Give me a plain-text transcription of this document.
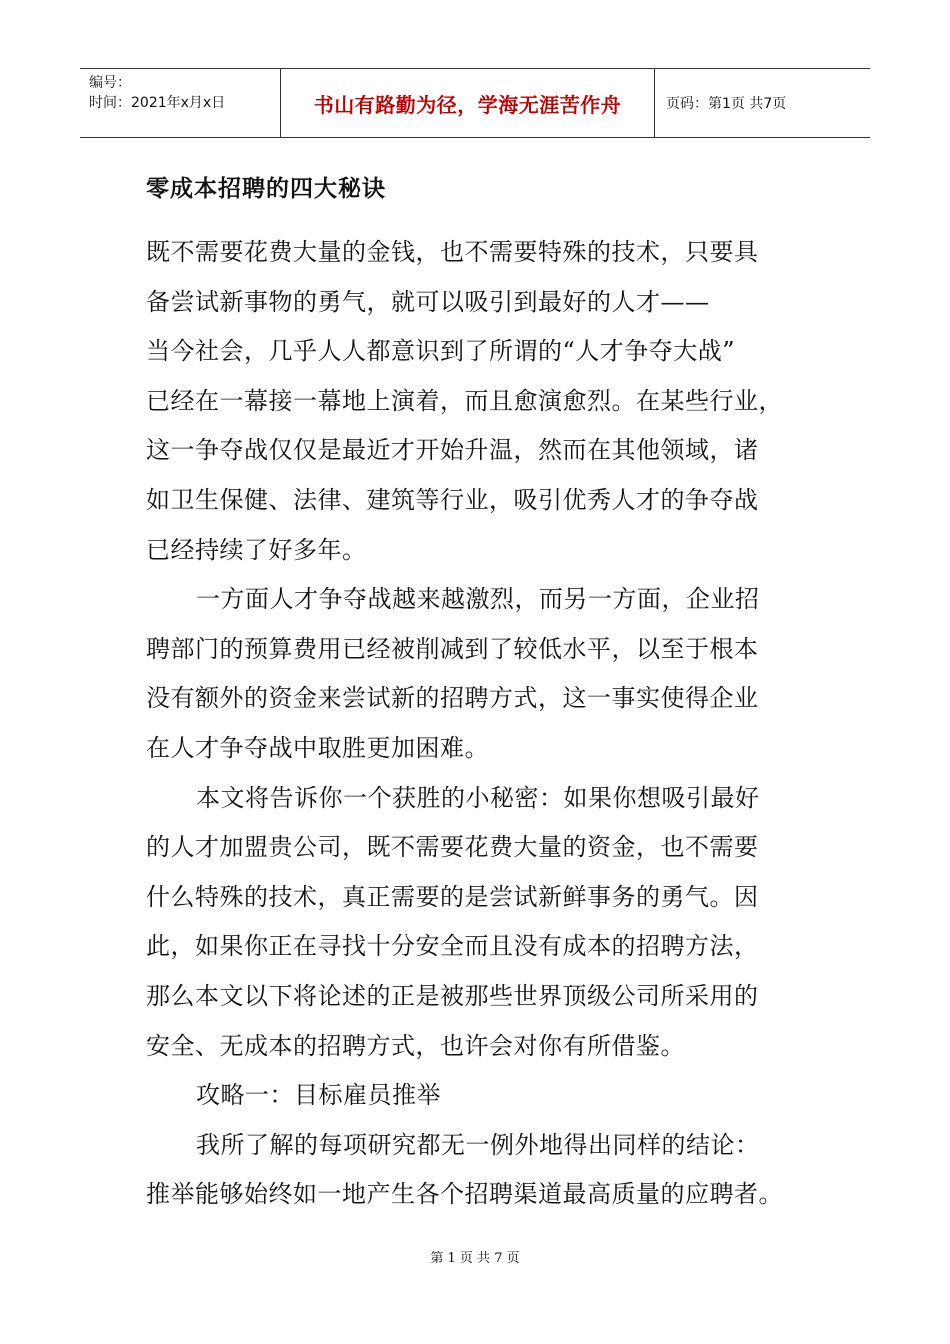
编号：
时间：2021年x月x日	书山有路勤为径，学海无涯苦作舟	页码：第1页 共7页
零成本招聘的四大秘诀
既不需要花费大量的金钱，也不需要特殊的技术，只要具
备尝试新事物的勇气，就可以吸引到最好的人才——
当今社会，几乎人人都意识到了所谓的“人才争夺大战”
已经在一幕接一幕地上演着，而且愈演愈烈。在某些行业，
这一争夺战仅仅是最近才开始升温，然而在其他领域，诸
如卫生保健、法律、建筑等行业，吸引优秀人才的争夺战
已经持续了好多年。
一方面人才争夺战越来越激烈，而另一方面，企业招
聘部门的预算费用已经被削减到了较低水平，以至于根本
没有额外的资金来尝试新的招聘方式，这一事实使得企业
在人才争夺战中取胜更加困难。
本文将告诉你一个获胜的小秘密：如果你想吸引最好
的人才加盟贵公司，既不需要花费大量的资金，也不需要
什么特殊的技术，真正需要的是尝试新鲜事务的勇气。因
此，如果你正在寻找十分安全而且没有成本的招聘方法，
那么本文以下将论述的正是被那些世界顶级公司所采用的
安全、无成本的招聘方式，也许会对你有所借鉴。
攻略一：目标雇员推举
我所了解的每项研究都无一例外地得出同样的结论：
推举能够始终如一地产生各个招聘渠道最高质量的应聘者。
第 1 页 共 7 页
